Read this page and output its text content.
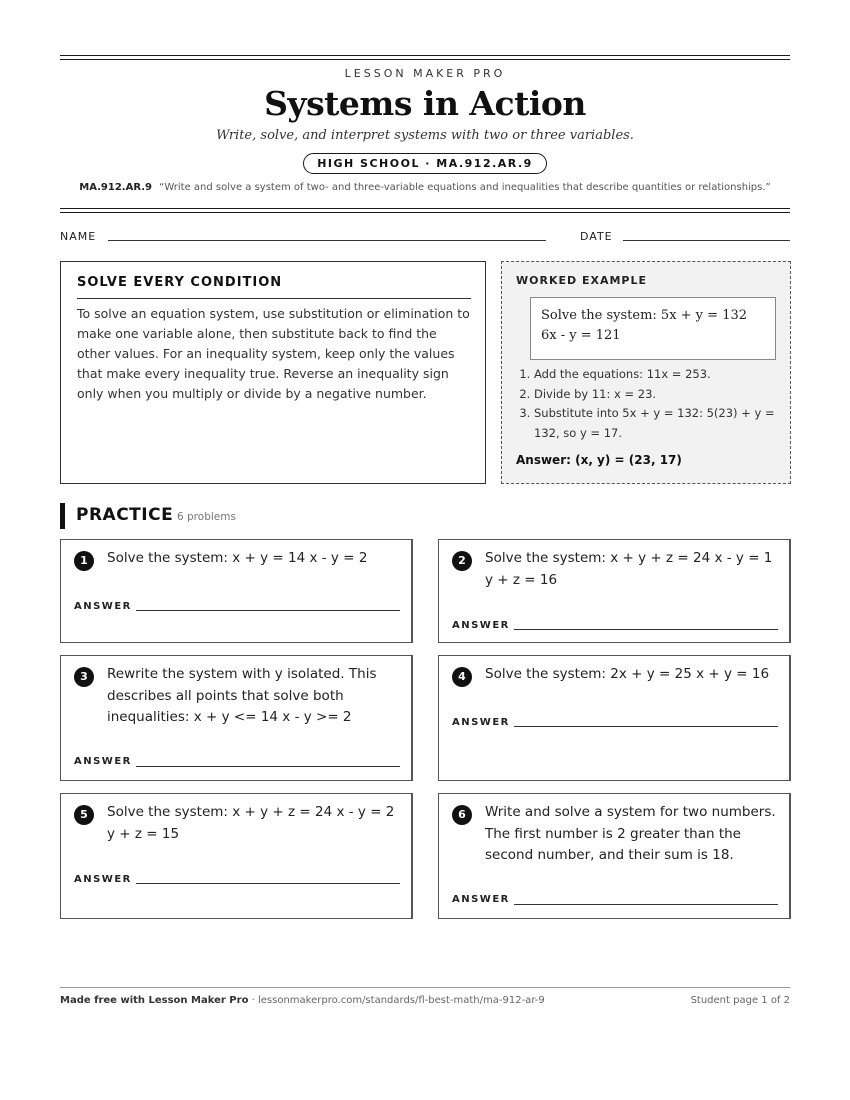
LESSON MAKER PRO
Systems in Action
Write, solve, and interpret systems with two or three variables.
HIGH SCHOOL · MA.912.AR.9
MA.912.AR.9 “Write and solve a system of two- and three-variable equations and inequalities that describe quantities or relationships.”
NAME	DATE
SOLVE EVERY CONDITION
To solve an equation system, use substitution or elimination to make one variable alone, then substitute back to find the other values. For an inequality system, keep only the values that make every inequality true. Reverse an inequality sign only when you multiply or divide by a negative number.
WORKED EXAMPLE
Solve the system: 5x + y = 132 6x - y = 121
1. Add the equations: 11x = 253.
2. Divide by 11: x = 23.
3. Substitute into 5x + y = 132: 5(23) + y = 132, so y = 17.
Answer: (x, y) = (23, 17)
PRACTICE 6 problems
1	Solve the system: x + y = 14 x - y = 2
ANSWER
2	Solve the system: x + y + z = 24 x - y = 1 y + z = 16
ANSWER
3	Rewrite the system with y isolated. This describes all points that solve both inequalities: x + y <= 14 x - y >= 2
ANSWER
4	Solve the system: 2x + y = 25 x + y = 16
ANSWER
5	Solve the system: x + y + z = 24 x - y = 2 y + z = 15
ANSWER
6	Write and solve a system for two numbers. The first number is 2 greater than the second number, and their sum is 18.
ANSWER
Made free with Lesson Maker Pro · lessonmakerpro.com/standards/fl-best-math/ma-912-ar-9	Student page 1 of 2
